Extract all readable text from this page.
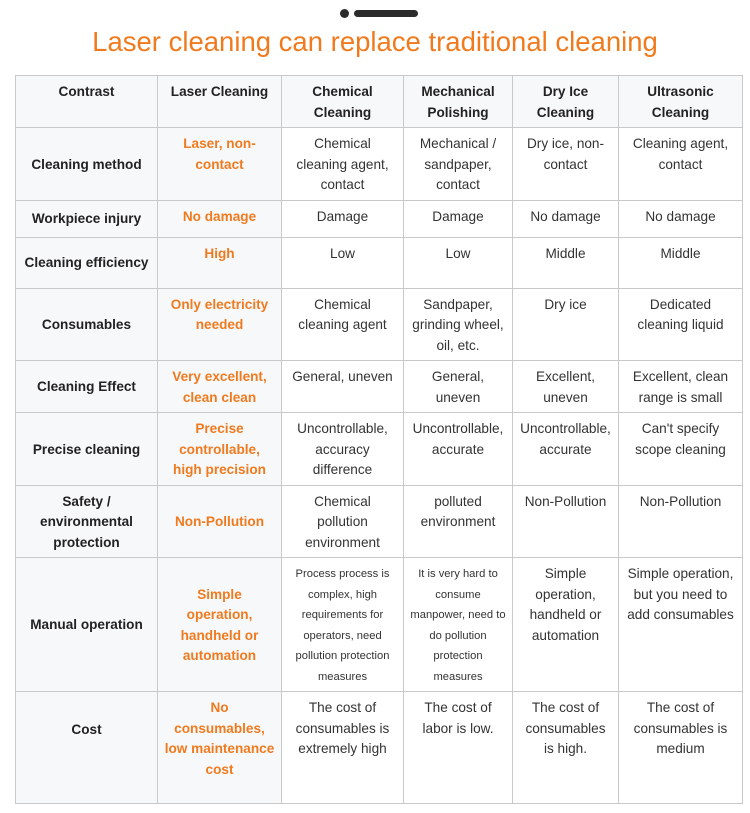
Laser cleaning can replace traditional cleaning
Contrast	Laser Cleaning	Chemical Cleaning	Mechanical Polishing	Dry Ice Cleaning	Ultrasonic Cleaning
Cleaning method	Laser, non-contact	Chemical cleaning agent, contact	Mechanical / sandpaper, contact	Dry ice, non-contact	Cleaning agent, contact
Workpiece injury	No damage	Damage	Damage	No damage	No damage
Cleaning efficiency	High	Low	Low	Middle	Middle
Consumables	Only electricity needed	Chemical cleaning agent	Sandpaper, grinding wheel, oil, etc.	Dry ice	Dedicated cleaning liquid
Cleaning Effect	Very excellent, clean clean	General, uneven	General, uneven	Excellent, uneven	Excellent, clean range is small
Precise cleaning	Precise controllable, high precision	Uncontrollable, accuracy difference	Uncontrollable, accurate	Uncontrollable, accurate	Can't specify scope cleaning
Safety / environmental protection	Non-Pollution	Chemical pollution environment	polluted environment	Non-Pollution	Non-Pollution
Manual operation	Simple operation, handheld or automation	Process process is complex, high requirements for operators, need pollution protection measures	It is very hard to consume manpower, need to do pollution protection measures	Simple operation, handheld or automation	Simple operation, but you need to add consumables
Cost	No consumables, low maintenance cost	The cost of consumables is extremely high	The cost of labor is low.	The cost of consumables is high.	The cost of consumables is medium
